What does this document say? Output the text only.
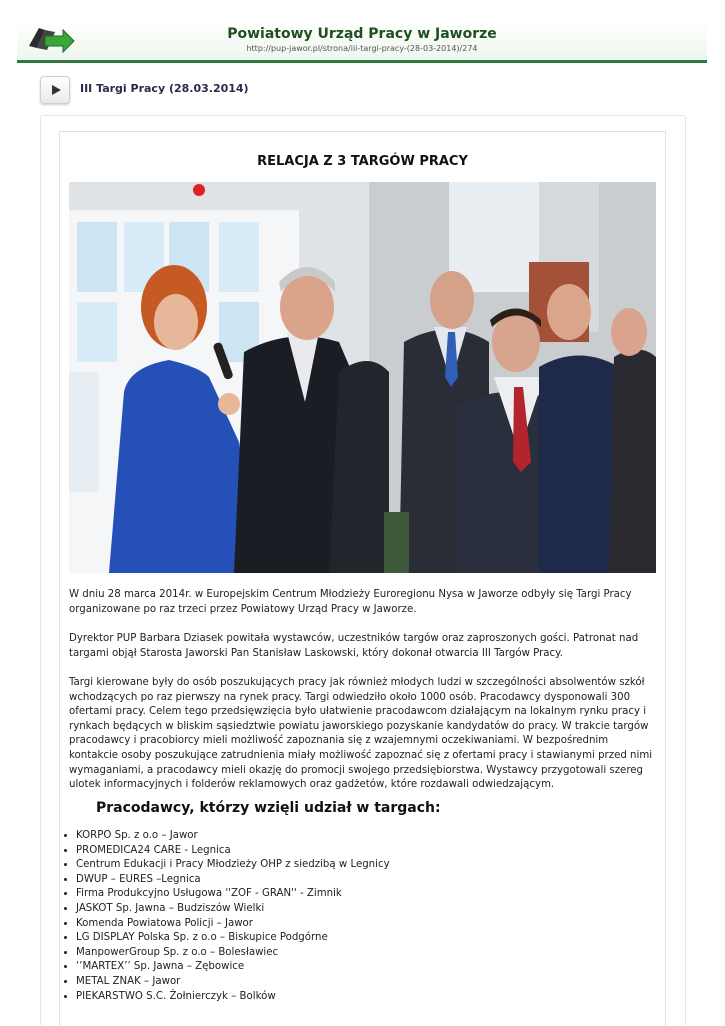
Powiatowy Urząd Pracy w Jaworze
http://pup-jawor.pl/strona/iii-targi-pracy-(28-03-2014)/274
III Targi Pracy (28.03.2014)
RELACJA Z 3 TARGÓW PRACY

W dniu 28 marca 2014r. w Europejskim Centrum Młodzieży Euroregionu Nysa w Jaworze odbyły się Targi Pracy organizowane po raz trzeci przez Powiatowy Urząd Pracy w Jaworze.

Dyrektor PUP Barbara Dziasek powitała wystawców, uczestników targów oraz zaproszonych gości. Patronat nad targami objął Starosta Jaworski Pan Stanisław Laskowski, który dokonał otwarcia III Targów Pracy.

Targi kierowane były do osób poszukujących pracy jak również młodych ludzi w szczególności absolwentów szkół wchodzących po raz pierwszy na rynek pracy. Targi odwiedziło około 1000 osób. Pracodawcy dysponowali 300 ofertami pracy. Celem tego przedsięwzięcia było ułatwienie pracodawcom działającym na lokalnym rynku pracy i rynkach będących w bliskim sąsiedztwie powiatu jaworskiego pozyskanie kandydatów do pracy. W trakcie targów pracodawcy i pracobiorcy mieli możliwość zapoznania się z wzajemnymi oczekiwaniami. W bezpośrednim kontakcie osoby poszukujące zatrudnienia miały możliwość zapoznać się z ofertami pracy i stawianymi przed nimi wymaganiami, a pracodawcy mieli okazję do promocji swojego przedsiębiorstwa. Wystawcy przygotowali szereg ulotek informacyjnych i folderów reklamowych oraz gadżetów, które rozdawali odwiedzającym.

Pracodawcy, którzy wzięli udział w targach:
• KORPO Sp. z o.o – Jawor
• PROMEDICA24 CARE - Legnica
• Centrum Edukacji i Pracy Młodzieży OHP z siedzibą w Legnicy
• DWUP – EURES –Legnica
• Firma Produkcyjno Usługowa ''ZOF - GRAN'' - Zimnik
• JASKOT Sp. Jawna – Budziszów Wielki
• Komenda Powiatowa Policji – Jawor
• LG DISPLAY Polska Sp. z o.o – Biskupice Podgórne
• ManpowerGroup Sp. z o.o – Bolesławiec
• ‘’MARTEX’’ Sp. Jawna – Zębowice
• METAL ZNAK – Jawor
• PIEKARSTWO S.C. Żołnierczyk – Bolków
